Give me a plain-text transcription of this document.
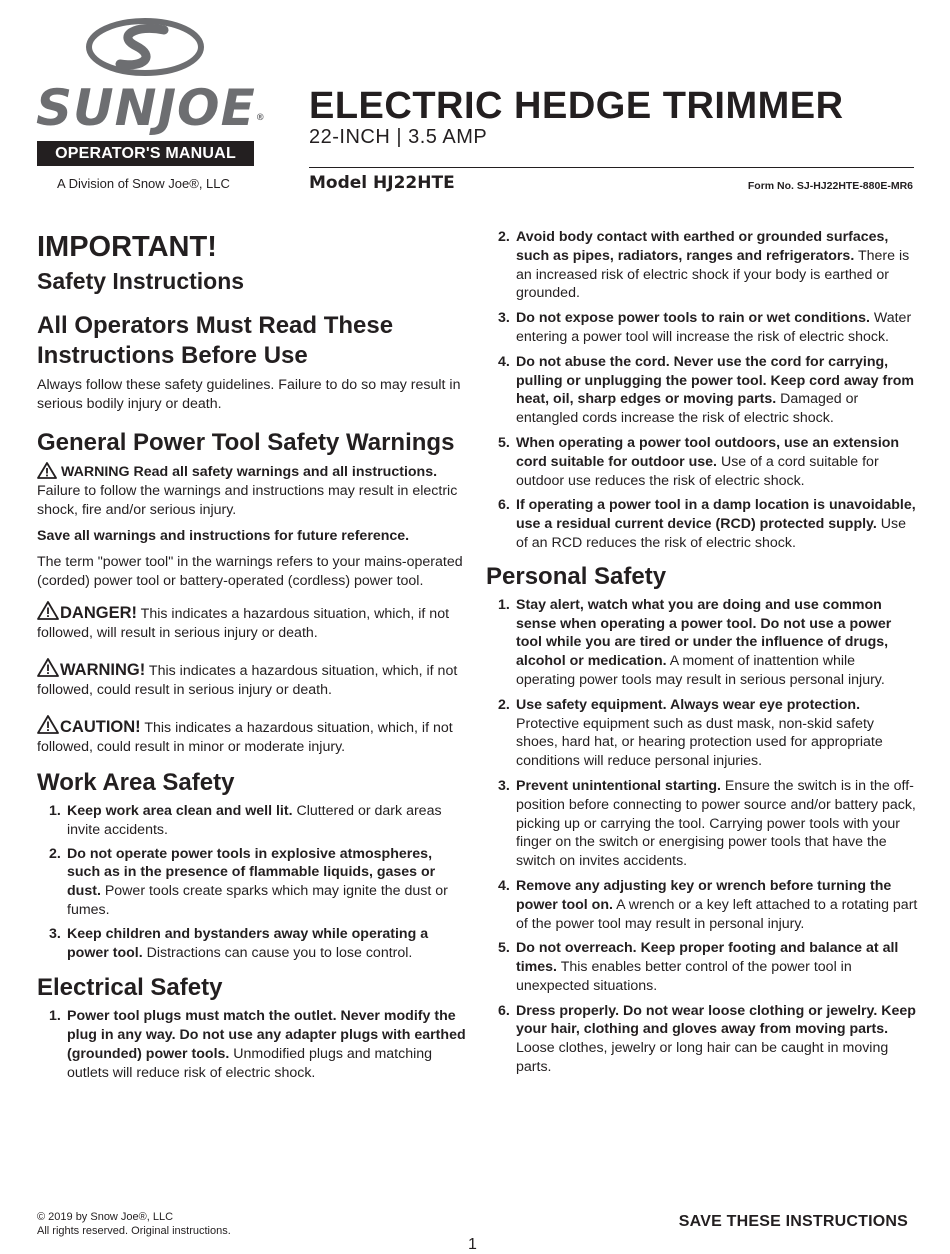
SUNJOE®
OPERATOR'S MANUAL
A Division of Snow Joe®, LLC
ELECTRIC HEDGE TRIMMER
22-INCH | 3.5 AMP
Model HJ22HTE	Form No. SJ-HJ22HTE-880E-MR6
IMPORTANT!
Safety Instructions
All Operators Must Read These Instructions Before Use

Always follow these safety guidelines. Failure to do so may result in serious bodily injury or death.

General Power Tool Safety Warnings

WARNING Read all safety warnings and all instructions. Failure to follow the warnings and instructions may result in electric shock, fire and/or serious injury.

Save all warnings and instructions for future reference.

The term "power tool" in the warnings refers to your mains-operated (corded) power tool or battery-operated (cordless) power tool.

DANGER! This indicates a hazardous situation, which, if not followed, will result in serious injury or death.

WARNING! This indicates a hazardous situation, which, if not followed, could result in serious injury or death.

CAUTION! This indicates a hazardous situation, which, if not followed, could result in minor or moderate injury.

Work Area Safety
1. Keep work area clean and well lit. Cluttered or dark areas invite accidents.
2. Do not operate power tools in explosive atmospheres, such as in the presence of flammable liquids, gases or dust. Power tools create sparks which may ignite the dust or fumes.
3. Keep children and bystanders away while operating a power tool. Distractions can cause you to lose control.
Electrical Safety
1. Power tool plugs must match the outlet. Never modify the plug in any way. Do not use any adapter plugs with earthed (grounded) power tools. Unmodified plugs and matching outlets will reduce risk of electric shock.
2. Avoid body contact with earthed or grounded surfaces, such as pipes, radiators, ranges and refrigerators. There is an increased risk of electric shock if your body is earthed or grounded.
3. Do not expose power tools to rain or wet conditions. Water entering a power tool will increase the risk of electric shock.
4. Do not abuse the cord. Never use the cord for carrying, pulling or unplugging the power tool. Keep cord away from heat, oil, sharp edges or moving parts. Damaged or entangled cords increase the risk of electric shock.
5. When operating a power tool outdoors, use an extension cord suitable for outdoor use. Use of a cord suitable for outdoor use reduces the risk of electric shock.
6. If operating a power tool in a damp location is unavoidable, use a residual current device (RCD) protected supply. Use of an RCD reduces the risk of electric shock.
Personal Safety
1. Stay alert, watch what you are doing and use common sense when operating a power tool. Do not use a power tool while you are tired or under the influence of drugs, alcohol or medication. A moment of inattention while operating power tools may result in serious personal injury.
2. Use safety equipment. Always wear eye protection. Protective equipment such as dust mask, non-skid safety shoes, hard hat, or hearing protection used for appropriate conditions will reduce personal injuries.
3. Prevent unintentional starting. Ensure the switch is in the off-position before connecting to power source and/or battery pack, picking up or carrying the tool. Carrying power tools with your finger on the switch or energising power tools that have the switch on invites accidents.
4. Remove any adjusting key or wrench before turning the power tool on. A wrench or a key left attached to a rotating part of the power tool may result in personal injury.
5. Do not overreach. Keep proper footing and balance at all times. This enables better control of the power tool in unexpected situations.
6. Dress properly. Do not wear loose clothing or jewelry. Keep your hair, clothing and gloves away from moving parts. Loose clothes, jewelry or long hair can be caught in moving parts.
© 2019 by Snow Joe®, LLC
All rights reserved. Original instructions.
SAVE THESE INSTRUCTIONS
1
